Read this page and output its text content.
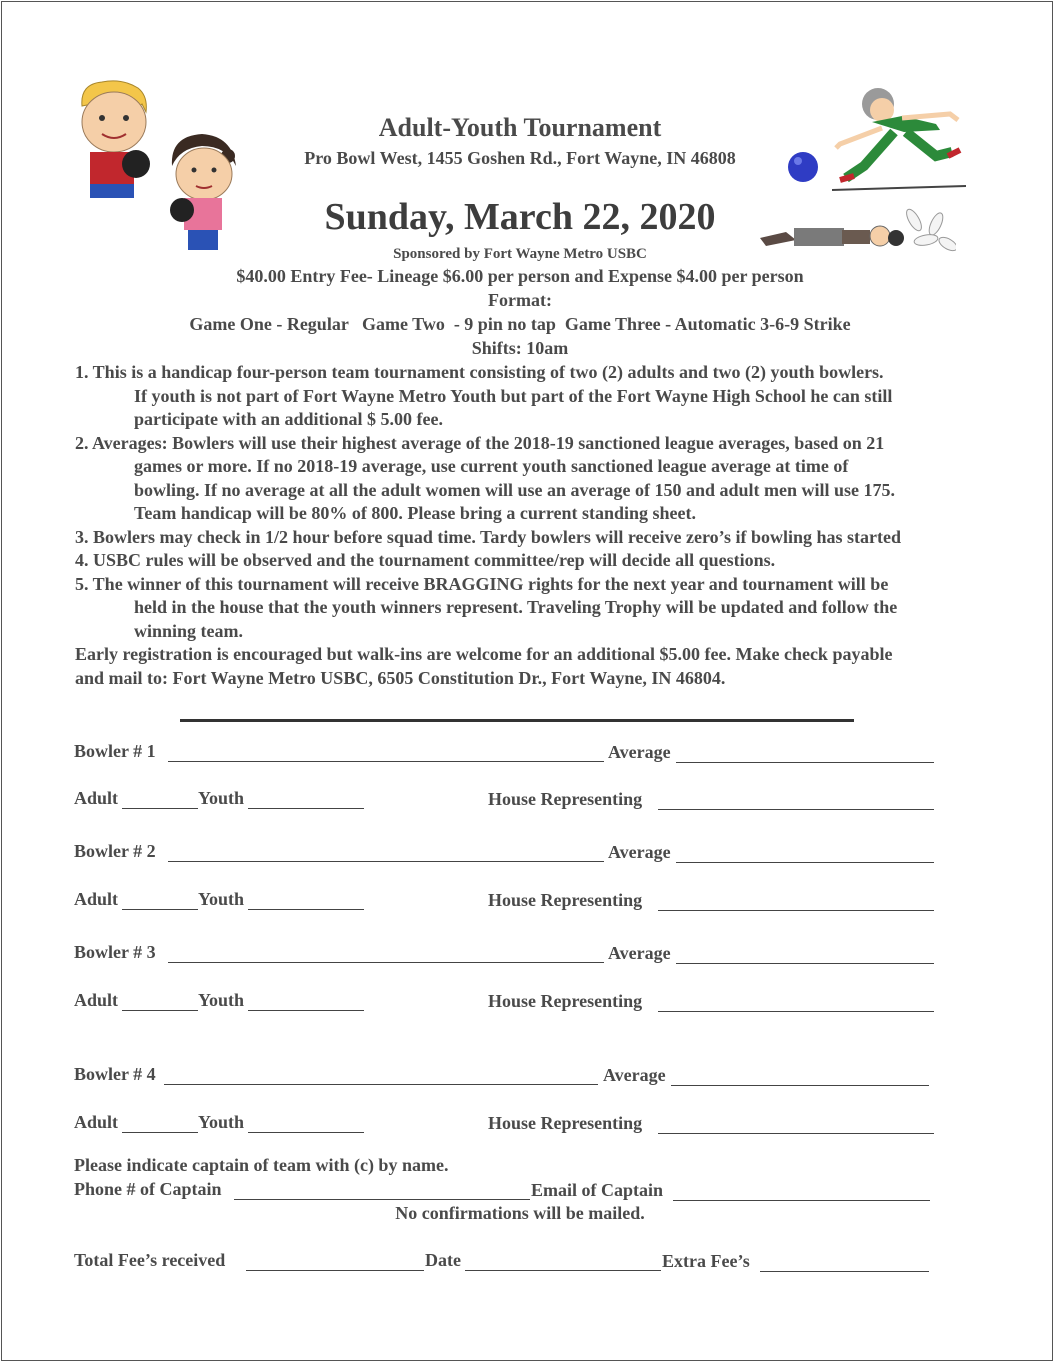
Adult-Youth Tournament
Pro Bowl West, 1455 Goshen Rd., Fort Wayne, IN 46808
Sunday, March 22, 2020
Sponsored by Fort Wayne Metro USBC
$40.00 Entry Fee- Lineage $6.00 per person and Expense $4.00 per person
Format:
Game One - Regular   Game Two  - 9 pin no tap  Game Three - Automatic 3-6-9 Strike
Shifts: 10am

1. This is a handicap four-person team tournament consisting of two (2) adults and two (2) youth bowlers.

If youth is not part of Fort Wayne Metro Youth but part of the Fort Wayne High School he can still

participate with an additional $ 5.00 fee.

2. Averages: Bowlers will use their highest average of the 2018-19 sanctioned league averages, based on 21

games or more. If no 2018-19 average, use current youth sanctioned league average at time of

bowling. If no average at all the adult women will use an average of 150 and adult men will use 175.

Team handicap will be 80% of 800. Please bring a current standing sheet.

3. Bowlers may check in 1/2 hour before squad time. Tardy bowlers will receive zero’s if bowling has started

4. USBC rules will be observed and the tournament committee/rep will decide all questions.

5. The winner of this tournament will receive BRAGGING rights for the next year and tournament will be

held in the house that the youth winners represent. Traveling Trophy will be updated and follow the

winning team.

Early registration is encouraged but walk-ins are welcome for an additional $5.00 fee. Make check payable

and mail to: Fort Wayne Metro USBC, 6505 Constitution Dr., Fort Wayne, IN 46804.

Bowler # 1	Average
Adult	Youth	House Representing
Bowler # 2	Average
Adult	Youth	House Representing
Bowler # 3	Average
Adult	Youth	House Representing
Bowler # 4	Average
Adult	Youth	House Representing
Please indicate captain of team with (c) by name.
Phone # of Captain	Email of Captain
No confirmations will be mailed.
Total Fee’s received	Date	Extra Fee’s
